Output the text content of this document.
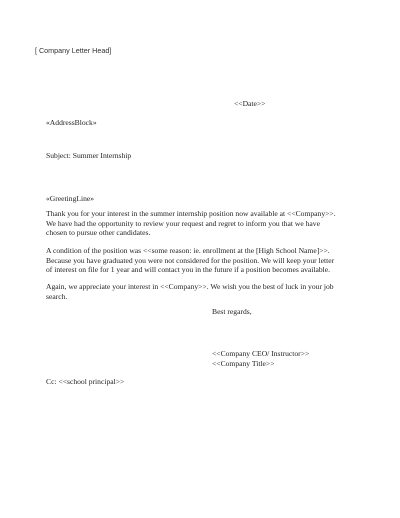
[ Company Letter Head]
<<Date>>
«AddressBlock»
Subject: Summer Internship
«GreetingLine»
Thank you for your interest in the summer internship position now available at <<Company>>.
We have had the opportunity to review your request and regret to inform you that we have
chosen to pursue other candidates.
A condition of the position was <<some reason: ie. enrollment at the [High School Name]>>.
Because you have graduated you were not considered for the position. We will keep your letter
of interest on file for 1 year and will contact you in the future if a position becomes available.
Again, we appreciate your interest in <<Company>>. We wish you the best of luck in your job
search.
Best regards,
<<Company CEO/ Instructor>>
<<Company Title>>
Cc: <<school principal>>
